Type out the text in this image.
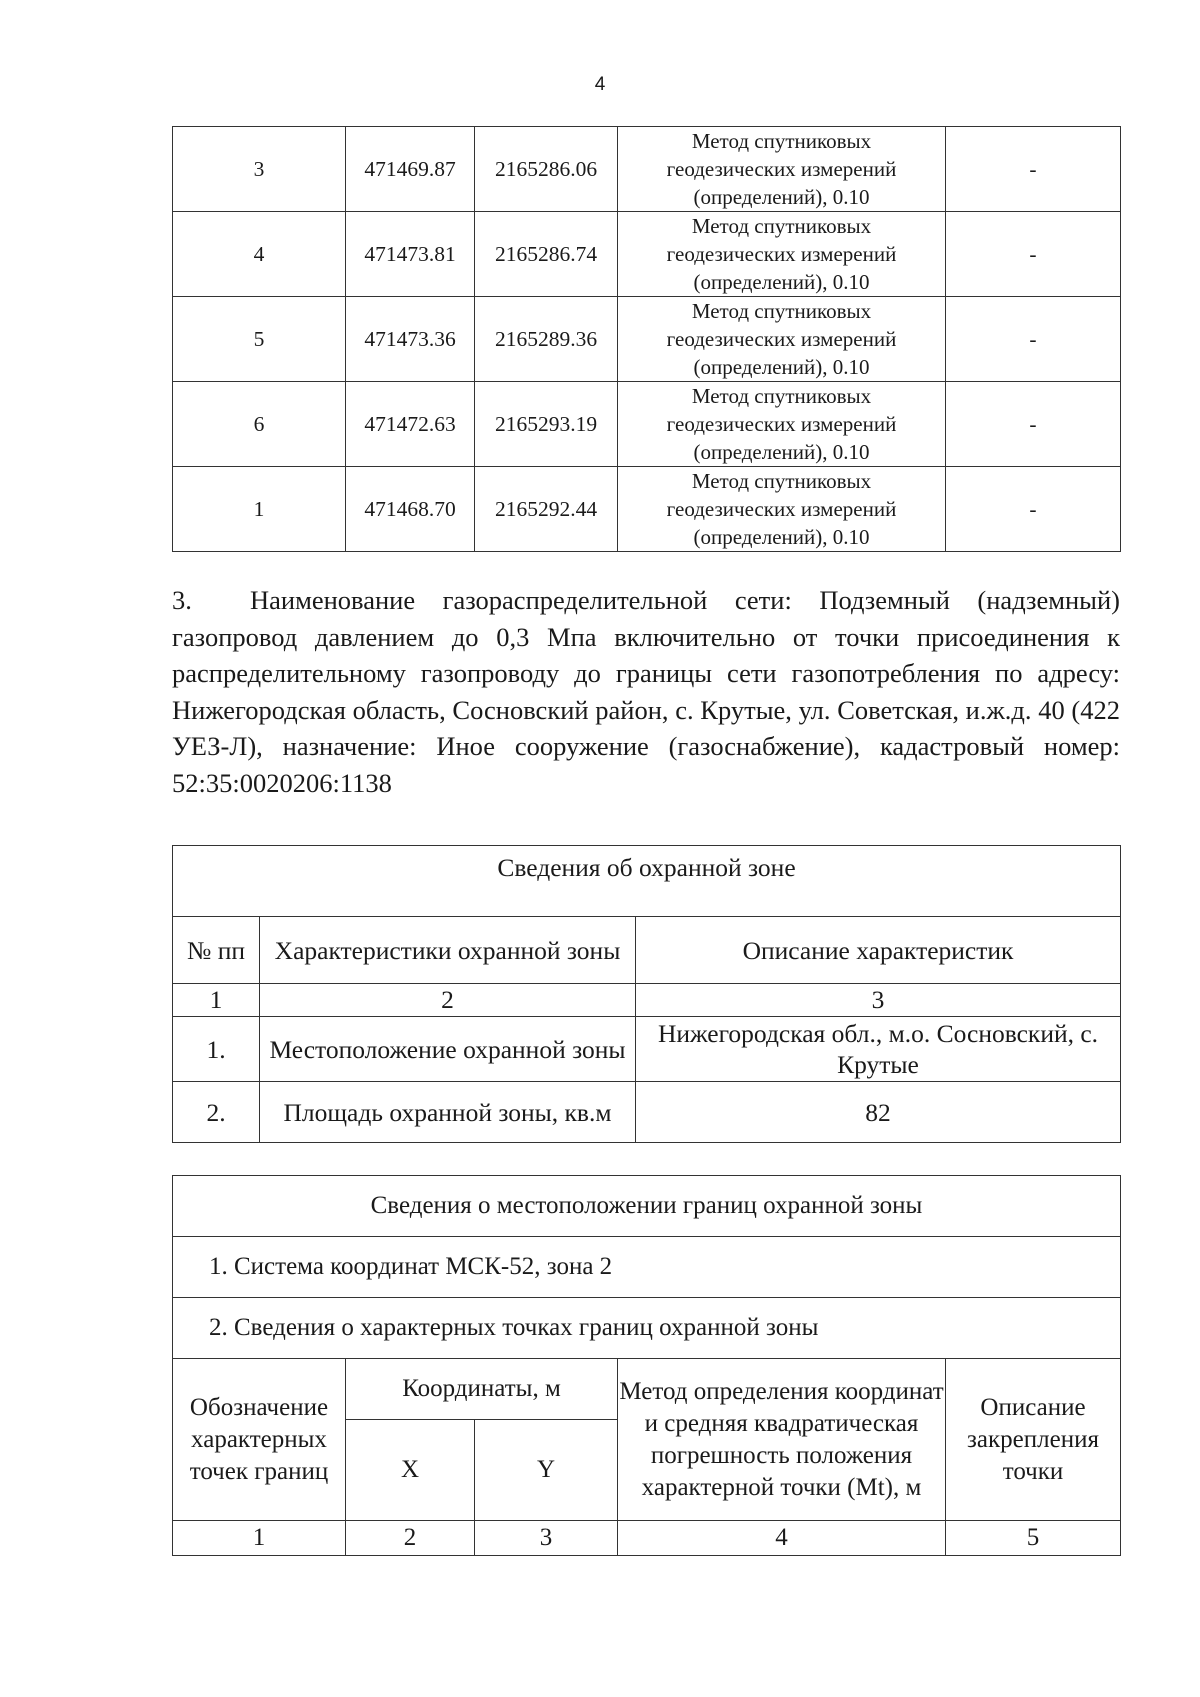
4
3	471469.87	2165286.06	Метод спутниковых
геодезических измерений
(определений), 0.10	-
4	471473.81	2165286.74	Метод спутниковых
геодезических измерений
(определений), 0.10	-
5	471473.36	2165289.36	Метод спутниковых
геодезических измерений
(определений), 0.10	-
6	471472.63	2165293.19	Метод спутниковых
геодезических измерений
(определений), 0.10	-
1	471468.70	2165292.44	Метод спутниковых
геодезических измерений
(определений), 0.10	-

3. Наименование газораспределительной сети: Подземный (надземный) газопровод давлением до 0,3 Мпа включительно от точки присоединения к распределительному газопроводу до границы сети газопотребления по адресу: Нижегородская область, Сосновский район, с. Крутые, ул. Советская, и.ж.д. 40 (422 УЕЗ-Л), назначение: Иное сооружение (газоснабжение), кадастровый номер: 52:35:0020206:1138

Сведения об охранной зоне		
№ пп	Характеристики охранной зоны	Описание характеристик
1	2	3
1.	Местоположение охранной зоны	Нижегородская обл., м.о. Сосновский, с. Крутые
2.	Площадь охранной зоны, кв.м	82
Сведения о местоположении границ охранной зоны				
1. Система координат МСК-52, зона 2				
2. Сведения о характерных точках границ охранной зоны				
Обозначение характерных точек границ	Координаты, м		Метод определения координат и средняя квадратическая погрешность положения характерной точки (Mt), м	Описание закрепления точки
	X	Y		
1	2	3	4	5
